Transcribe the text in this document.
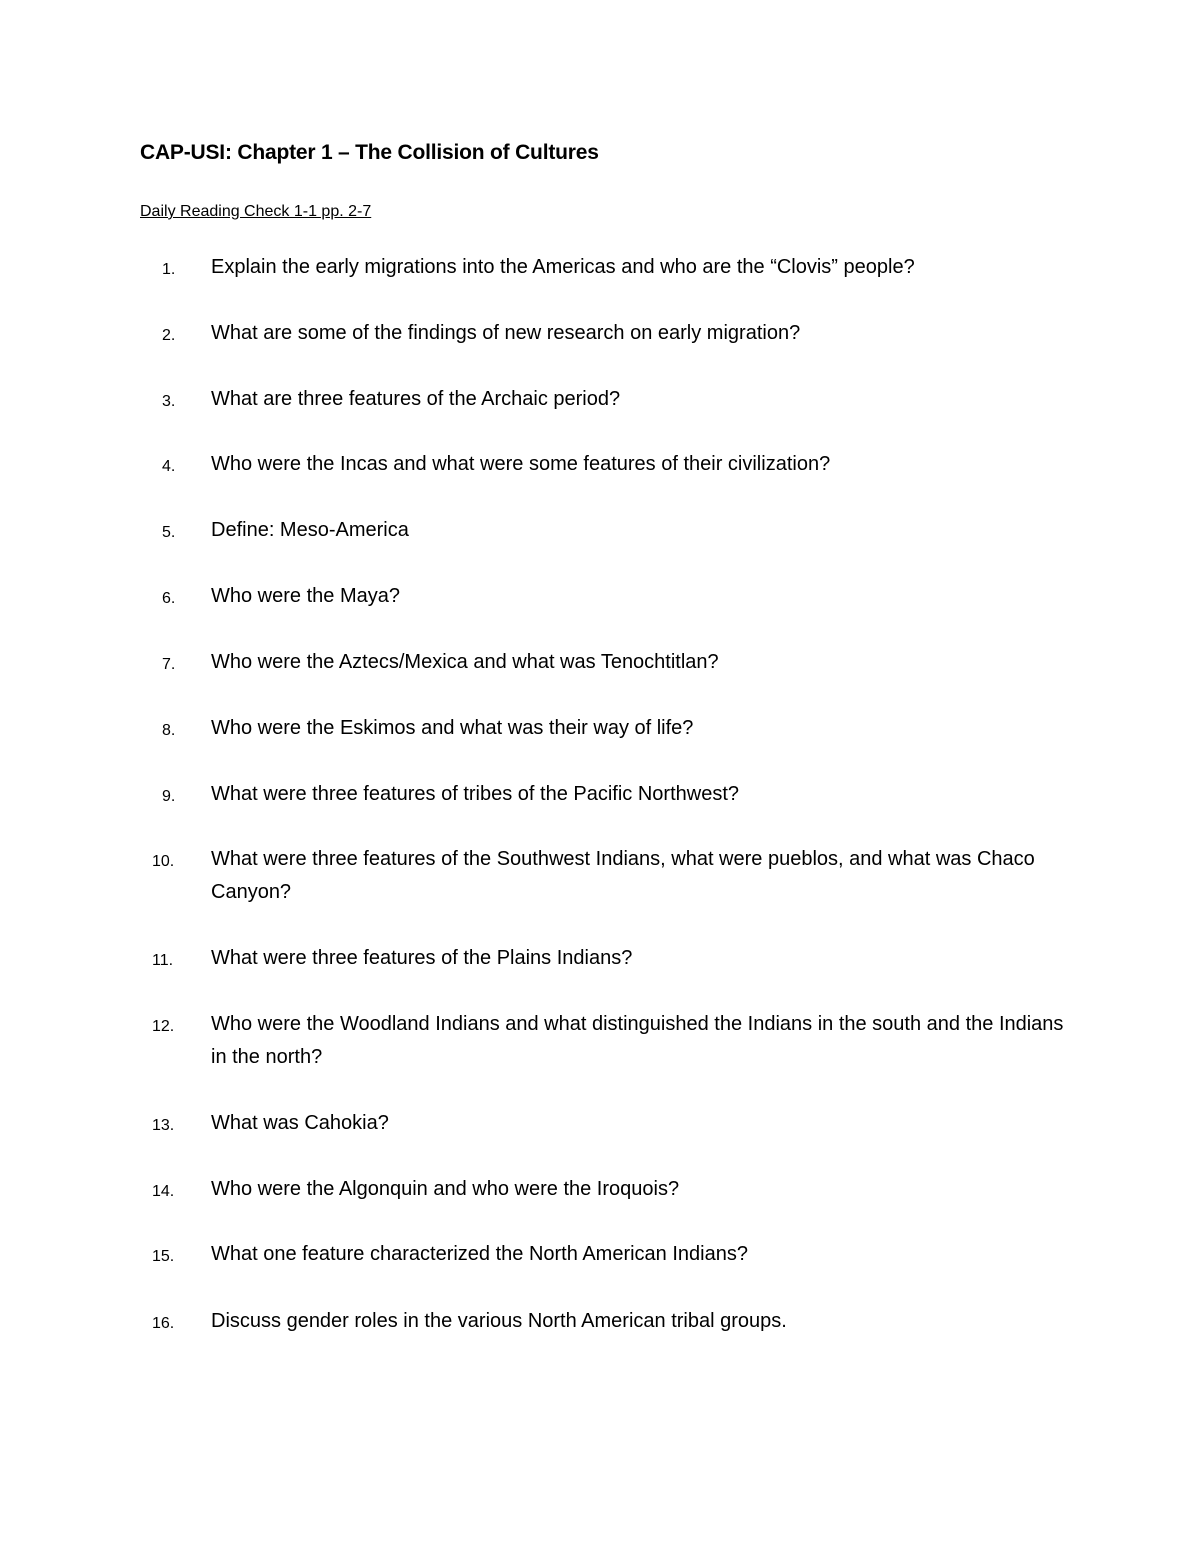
CAP-USI: Chapter 1 – The Collision of Cultures
Daily Reading Check 1-1 pp. 2-7
1.	Explain the early migrations into the Americas and who are the “Clovis” people?
2.	What are some of the findings of new research on early migration?
3.	What are three features of the Archaic period?
4.	Who were the Incas and what were some features of their civilization?
5.	Define: Meso-America
6.	Who were the Maya?
7.	Who were the Aztecs/Mexica and what was Tenochtitlan?
8.	Who were the Eskimos and what was their way of life?
9.	What were three features of tribes of the Pacific Northwest?
10.	What were three features of the Southwest Indians, what were pueblos, and what was Chaco Canyon?
11.	What were three features of the Plains Indians?
12.	Who were the Woodland Indians and what distinguished the Indians in the south and the Indians in the north?
13.	What was Cahokia?
14.	Who were the Algonquin and who were the Iroquois?
15.	What one feature characterized the North American Indians?
16.	Discuss gender roles in the various North American tribal groups.
